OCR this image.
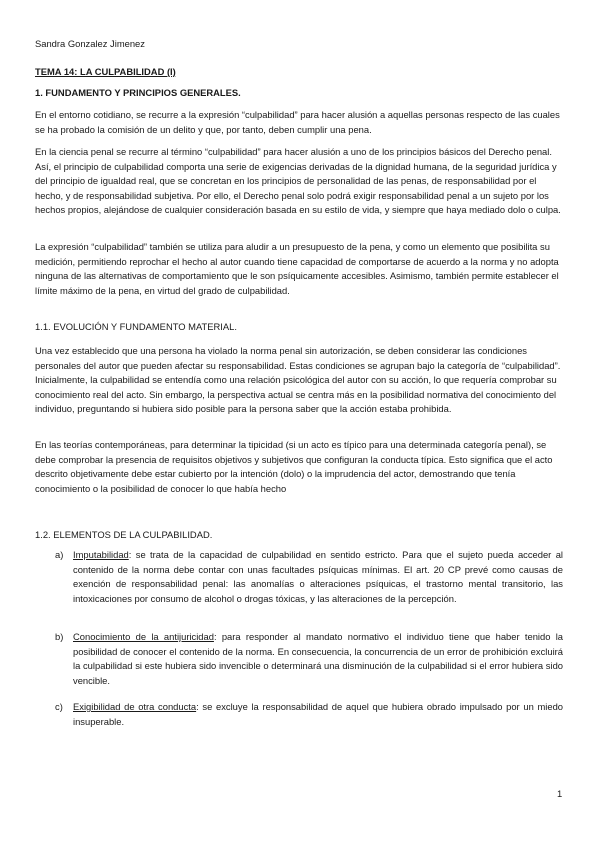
Sandra Gonzalez Jimenez

TEMA 14: LA CULPABILIDAD (I)

1. FUNDAMENTO Y PRINCIPIOS GENERALES.

En el entorno cotidiano, se recurre a la expresión “culpabilidad” para hacer alusión a aquellas personas respecto de las cuales se ha probado la comisión de un delito y que, por tanto, deben cumplir una pena.

En la ciencia penal se recurre al término “culpabilidad” para hacer alusión a uno de los principios básicos del Derecho penal. Así, el principio de culpabilidad comporta una serie de exigencias derivadas de la dignidad humana, de la seguridad jurídica y del principio de igualdad real, que se concretan en los principios de personalidad de las penas, de responsabilidad por el hecho, y de responsabilidad subjetiva. Por ello, el Derecho penal solo podrá exigir responsabilidad penal a un sujeto por los hechos propios, alejándose de cualquier consideración basada en su estilo de vida, y siempre que haya mediado dolo o culpa.

La expresión “culpabilidad” también se utiliza para aludir a un presupuesto de la pena, y como un elemento que posibilita su medición, permitiendo reprochar el hecho al autor cuando tiene capacidad de comportarse de acuerdo a la norma y no adopta ninguna de las alternativas de comportamiento que le son psíquicamente accesibles. Asimismo, también permite establecer el límite máximo de la pena, en virtud del grado de culpabilidad.

1.1. EVOLUCIÓN Y FUNDAMENTO MATERIAL.

Una vez establecido que una persona ha violado la norma penal sin autorización, se deben considerar las condiciones personales del autor que pueden afectar su responsabilidad. Estas condiciones se agrupan bajo la categoría de “culpabilidad”. Inicialmente, la culpabilidad se entendía como una relación psicológica del autor con su acción, lo que requería comprobar su conocimiento real del acto. Sin embargo, la perspectiva actual se centra más en la posibilidad normativa del conocimiento del individuo, preguntando si hubiera sido posible para la persona saber que la acción estaba prohibida.

En las teorías contemporáneas, para determinar la tipicidad (si un acto es típico para una determinada categoría penal), se debe comprobar la presencia de requisitos objetivos y subjetivos que configuran la conducta típica. Esto significa que el acto descrito objetivamente debe estar cubierto por la intención (dolo) o la imprudencia del actor, demostrando que tenía conocimiento o la posibilidad de conocer lo que había hecho

1.2. ELEMENTOS DE LA CULPABILIDAD.

a) Imputabilidad: se trata de la capacidad de culpabilidad en sentido estricto. Para que el sujeto pueda acceder al contenido de la norma debe contar con unas facultades psíquicas mínimas. El art. 20 CP prevé como causas de exención de responsabilidad penal: las anomalías o alteraciones psíquicas, el trastorno mental transitorio, las intoxicaciones por consumo de alcohol o drogas tóxicas, y las alteraciones de la percepción.

b) Conocimiento de la antijuricidad: para responder al mandato normativo el individuo tiene que haber tenido la posibilidad de conocer el contenido de la norma. En consecuencia, la concurrencia de un error de prohibición excluirá la culpabilidad si este hubiera sido invencible o determinará una disminución de la culpabilidad si el error hubiera sido vencible.

c) Exigibilidad de otra conducta: se excluye la responsabilidad de aquel que hubiera obrado impulsado por un miedo insuperable.

1
